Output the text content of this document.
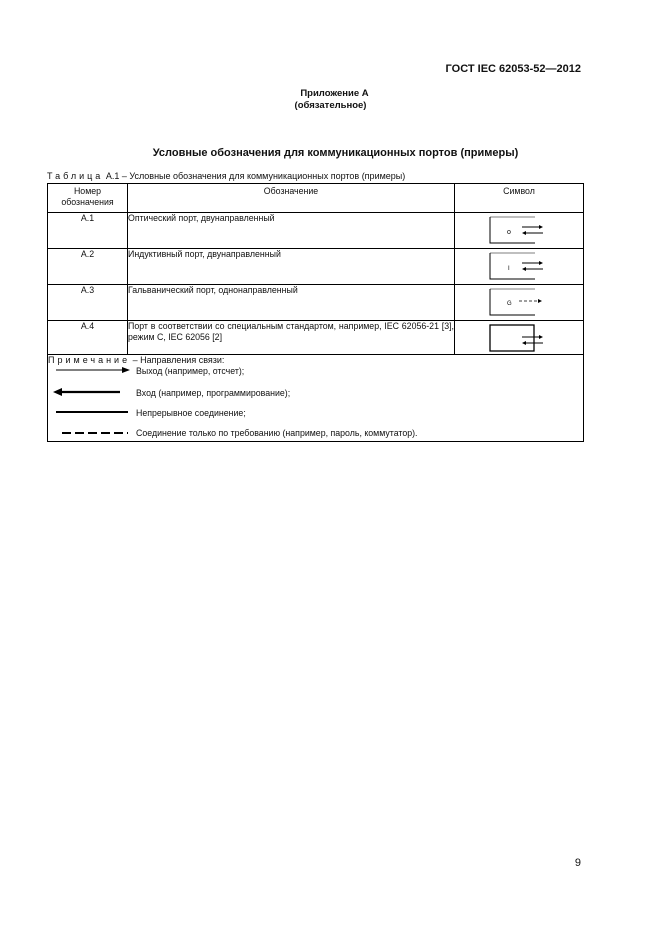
ГОСТ IEC 62053-52—2012
Приложение А
(обязательное)
Условные обозначения для коммуникационных портов (примеры)
Таблица А.1 – Условные обозначения для коммуникационных портов (примеры)
Номер
обозначения	Обозначение	Символ
А.1	Оптический порт, двунаправленный	o

А.2	Индуктивный порт, двунаправленный	I

А.3	Гальванический порт, однонаправленный	G

А.4	Порт в соответствии со специальным стандартом, например, IEC 62056-21 [3], режим C, IEC 62056 [2]	

Примечание – Направления связи:
Выход (например, отсчет);
Вход (например, программирование);
Непрерывное соединение;
Соединение только по требованию (например, пароль, коммутатор).		
9
